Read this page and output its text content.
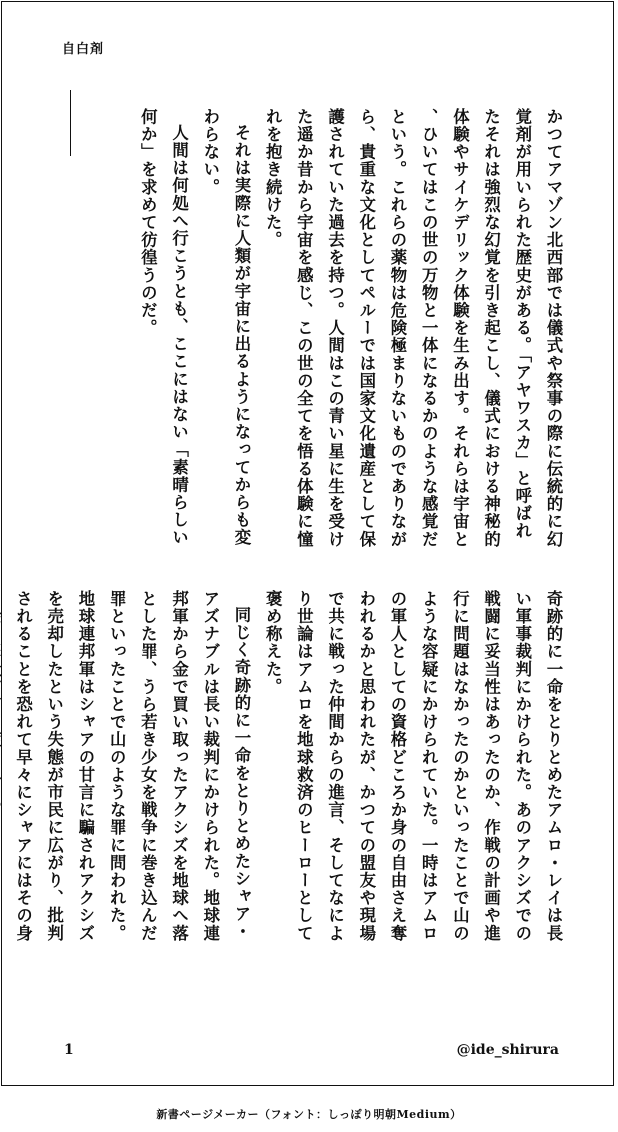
自白剤

かつてアマゾン北西部では儀式や祭事の際に伝統的に幻覚剤が用いられた歴史がある。「アヤワスカ」と呼ばれたそれは強烈な幻覚を引き起こし、儀式における神秘的体験やサイケデリック体験を生み出す。それらは宇宙と、ひいてはこの世の万物と一体になるかのような感覚だという。これらの薬物は危険極まりないものでありながら、貴重な文化としてペルーでは国家文化遺産として保護されていた過去を持つ。人間はこの青い星に生を受けた遥か昔から宇宙を感じ、この世の全てを悟る体験に憧れを抱き続けた。

それは実際に人類が宇宙に出るようになってからも変わらない。

人間は何処へ行こうとも、ここにはない「素晴らしい何か」を求めて彷徨うのだ。

奇跡的に一命をとりとめたアムロ・レイは長い軍事裁判にかけられた。あのアクシズでの戦闘に妥当性はあったのか、作戦の計画や進行に問題はなかったのかといったことで山のような容疑にかけられていた。一時はアムロの軍人としての資格どころか身の自由さえ奪われるかと思われたが、かつての盟友や現場で共に戦った仲間からの進言、そしてなにより世論はアムロを地球救済のヒーローとして褒め称えた。

同じく奇跡的に一命をとりとめたシャア・アズナブルは長い裁判にかけられた。地球連邦軍から金で買い取ったアクシズを地球へ落とした罪、うら若き少女を戦争に巻き込んだ罪といったことで山のような罪に問われた。地球連邦軍はシャアの甘言に騙されアクシズを売却したという失態が市民に広がり、批判されることを恐れて早々にシャアにはその身

1	@ide_shirura
新書ページメーカー（フォント：しっぽり明朝Medium）
